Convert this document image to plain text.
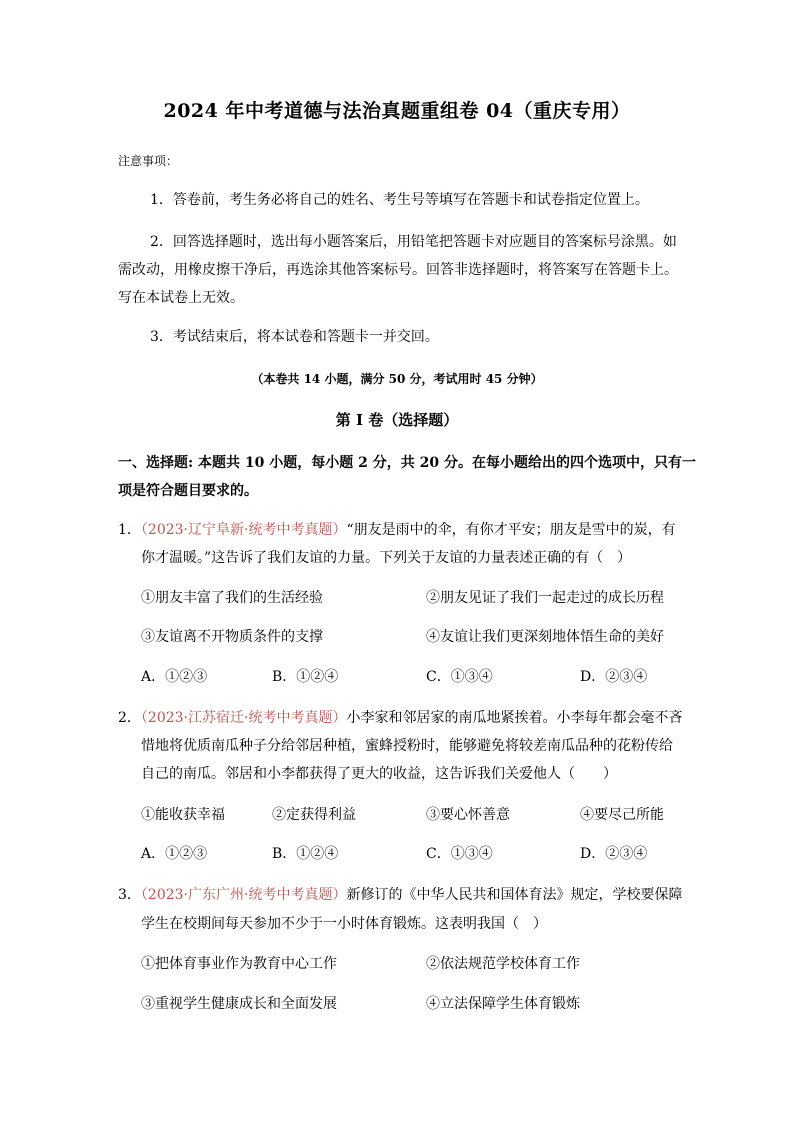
2024 年中考道德与法治真题重组卷 04（重庆专用）
注意事项：
1．答卷前，考生务必将自己的姓名、考生号等填写在答题卡和试卷指定位置上。
2．回答选择题时，选出每小题答案后，用铅笔把答题卡对应题目的答案标号涂黑。如
需改动，用橡皮擦干净后，再选涂其他答案标号。回答非选择题时，将答案写在答题卡上。
写在本试卷上无效。
3．考试结束后，将本试卷和答题卡一并交回。
（本卷共 14 小题，满分 50 分，考试用时 45 分钟）
第 I 卷（选择题）
一、选择题: 本题共 10 小题，每小题 2 分，共 20 分。在每小题给出的四个选项中，只有一
项是符合题目要求的。
1．（2023·辽宁阜新·统考中考真题）“朋友是雨中的伞，有你才平安；朋友是雪中的炭，有
你才温暖。”这告诉了我们友谊的力量。下列关于友谊的力量表述正确的有（　）
①朋友丰富了我们的生活经验	②朋友见证了我们一起走过的成长历程
③友谊离不开物质条件的支撑	④友谊让我们更深刻地体悟生命的美好
A．①②③	B．①②④	C．①③④	D．②③④
2．（2023·江苏宿迁·统考中考真题）小李家和邻居家的南瓜地紧挨着。小李每年都会毫不吝
惜地将优质南瓜种子分给邻居种植，蜜蜂授粉时，能够避免将较差南瓜品种的花粉传给
自己的南瓜。邻居和小李都获得了更大的收益，这告诉我们关爱他人（　　）
①能收获幸福	②定获得利益	③要心怀善意	④要尽己所能
A．①②③	B．①②④	C．①③④	D．②③④
3．（2023·广东广州·统考中考真题）新修订的《中华人民共和国体育法》规定，学校要保障
学生在校期间每天参加不少于一小时体育锻炼。这表明我国（　）
①把体育事业作为教育中心工作	②依法规范学校体育工作
③重视学生健康成长和全面发展	④立法保障学生体育锻炼
